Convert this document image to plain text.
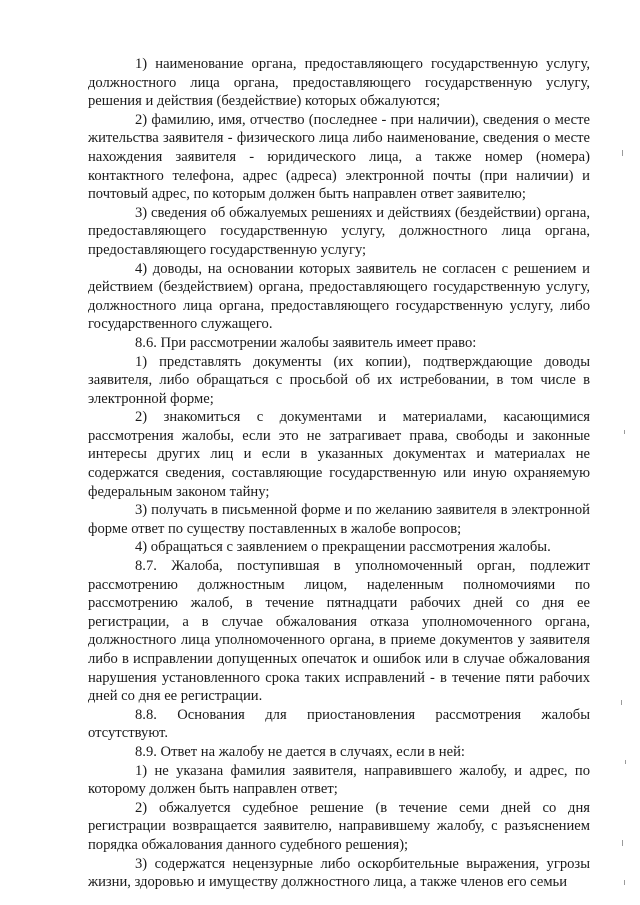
1) наименование органа, предоставляющего государственную услугу, должностного лица органа, предоставляющего государственную услугу, решения и действия (бездействие) которых обжалуются;

2) фамилию, имя, отчество (последнее - при наличии), сведения о месте жительства заявителя - физического лица либо наименование, сведения о месте нахождения заявителя - юридического лица, а также номер (номера) контактного телефона, адрес (адреса) электронной почты (при наличии) и почтовый адрес, по которым должен быть направлен ответ заявителю;

3) сведения об обжалуемых решениях и действиях (бездействии) органа, предоставляющего государственную услугу, должностного лица органа, предоставляющего государственную услугу;

4) доводы, на основании которых заявитель не согласен с решением и действием (бездействием) органа, предоставляющего государственную услугу, должностного лица органа, предоставляющего государственную услугу, либо государственного служащего.

8.6. При рассмотрении жалобы заявитель имеет право:

1) представлять документы (их копии), подтверждающие доводы заявителя, либо обращаться с просьбой об их истребовании, в том числе в электронной форме;

2) знакомиться с документами и материалами, касающимися рассмотрения жалобы, если это не затрагивает права, свободы и законные интересы других лиц и если в указанных документах и материалах не содержатся сведения, составляющие государственную или иную охраняемую федеральным законом тайну;

3) получать в письменной форме и по желанию заявителя в электронной форме ответ по существу поставленных в жалобе вопросов;

4) обращаться с заявлением о прекращении рассмотрения жалобы.

8.7. Жалоба, поступившая в уполномоченный орган, подлежит рассмотрению должностным лицом, наделенным полномочиями по рассмотрению жалоб, в течение пятнадцати рабочих дней со дня ее регистрации, а в случае обжалования отказа уполномоченного органа, должностного лица уполномоченного органа, в приеме документов у заявителя либо в исправлении допущенных опечаток и ошибок или в случае обжалования нарушения установленного срока таких исправлений - в течение пяти рабочих дней со дня ее регистрации.

8.8. Основания для приостановления рассмотрения жалобы отсутствуют.

8.9. Ответ на жалобу не дается в случаях, если в ней:

1) не указана фамилия заявителя, направившего жалобу, и адрес, по которому должен быть направлен ответ;

2) обжалуется судебное решение (в течение семи дней со дня регистрации возвращается заявителю, направившему жалобу, с разъяснением порядка обжалования данного судебного решения);

3) содержатся нецензурные либо оскорбительные выражения, угрозы жизни, здоровью и имуществу должностного лица, а также членов его семьи
